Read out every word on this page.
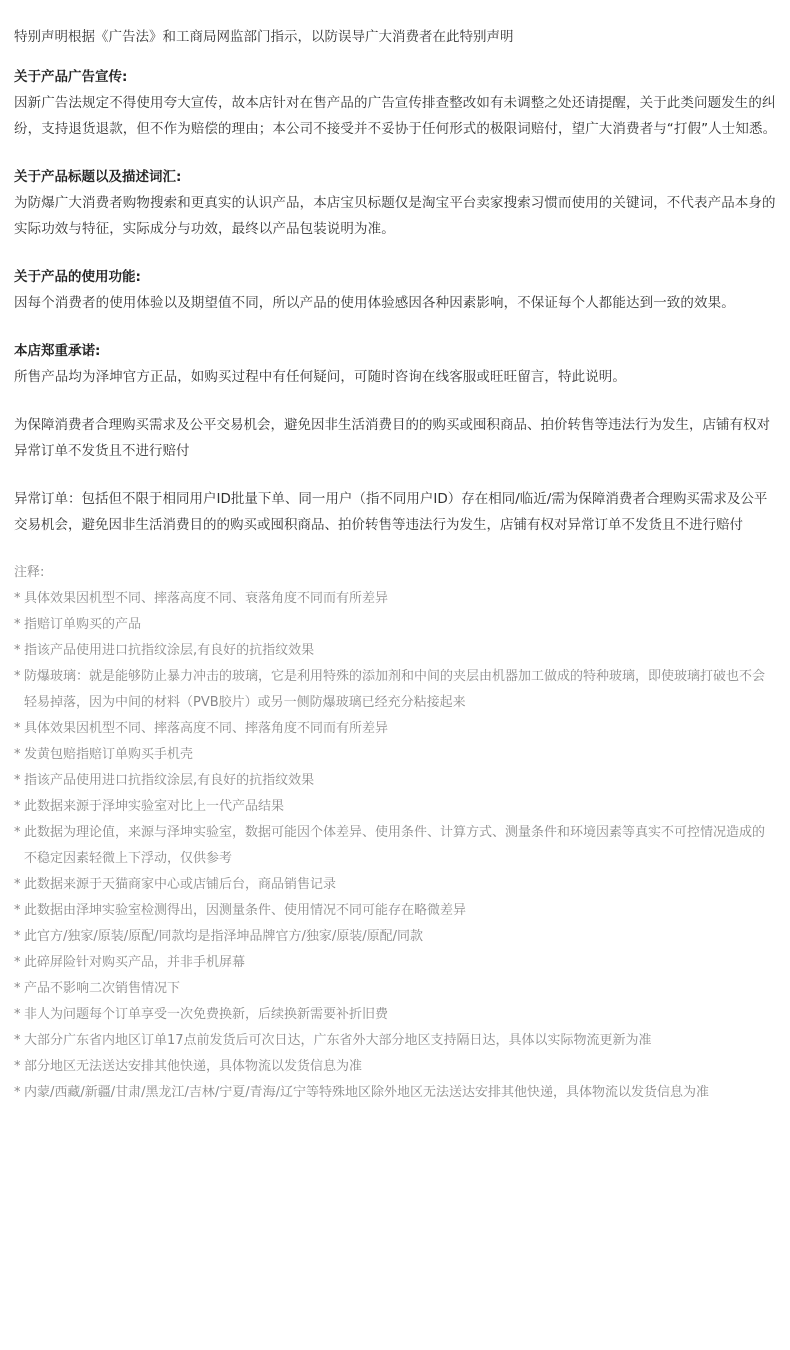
特别声明根据《广告法》和工商局网监部门指示，以防误导广大消费者在此特别声明

关于产品广告宣传:

因新广告法规定不得使用夸大宣传，故本店针对在售产品的广告宣传排查整改如有未调整之处还请提醒，关于此类问题发生的纠纷，支持退货退款，但不作为赔偿的理由；本公司不接受并不妥协于任何形式的极限词赔付，望广大消费者与“打假”人士知悉。

关于产品标题以及描述词汇:

为防爆广大消费者购物搜索和更真实的认识产品，本店宝贝标题仅是淘宝平台卖家搜索习惯而使用的关键词，不代表产品本身的实际功效与特征，实际成分与功效，最终以产品包装说明为准。

关于产品的使用功能:

因每个消费者的使用体验以及期望值不同，所以产品的使用体验感因各种因素影响，不保证每个人都能达到一致的效果。

本店郑重承诺:

所售产品均为泽坤官方正品，如购买过程中有任何疑问，可随时咨询在线客服或旺旺留言，特此说明。

为保障消费者合理购买需求及公平交易机会，避免因非生活消费目的的购买或囤积商品、拍价转售等违法行为发生，店铺有权对异常订单不发货且不进行赔付

异常订单：包括但不限于相同用户ID批量下单、同一用户（指不同用户ID）存在相同/临近/需为保障消费者合理购买需求及公平交易机会，避免因非生活消费目的的购买或囤积商品、拍价转售等违法行为发生，店铺有权对异常订单不发货且不进行赔付

注释:

* 具体效果因机型不同、摔落高度不同、衰落角度不同而有所差异
* 指赔订单购买的产品
* 指该产品使用进口抗指纹涂层,有良好的抗指纹效果
* 防爆玻璃：就是能够防止暴力冲击的玻璃，它是利用特殊的添加剂和中间的夹层由机器加工做成的特种玻璃，即使玻璃打破也不会轻易掉落，因为中间的材料（PVB胶片）或另一侧防爆玻璃已经充分粘接起来
* 具体效果因机型不同、摔落高度不同、摔落角度不同而有所差异
* 发黄包赔指赔订单购买手机壳
* 指该产品使用进口抗指纹涂层,有良好的抗指纹效果
* 此数据来源于泽坤实验室对比上一代产品结果
* 此数据为理论值，来源与泽坤实验室，数据可能因个体差异、使用条件、计算方式、测量条件和环境因素等真实不可控情况造成的不稳定因素轻微上下浮动，仅供参考
* 此数据来源于天猫商家中心或店铺后台，商品销售记录
* 此数据由泽坤实验室检测得出，因测量条件、使用情况不同可能存在略微差异
* 此官方/独家/原装/原配/同款均是指泽坤品牌官方/独家/原装/原配/同款
* 此碎屏险针对购买产品，并非手机屏幕
* 产品不影响二次销售情况下
* 非人为问题每个订单享受一次免费换新，后续换新需要补折旧费
* 大部分广东省内地区订单17点前发货后可次日达，广东省外大部分地区支持隔日达，具体以实际物流更新为准
* 部分地区无法送达安排其他快递，具体物流以发货信息为准
* 内蒙/西藏/新疆/甘肃/黑龙江/吉林/宁夏/青海/辽宁等特殊地区除外地区无法送达安排其他快递，具体物流以发货信息为准
